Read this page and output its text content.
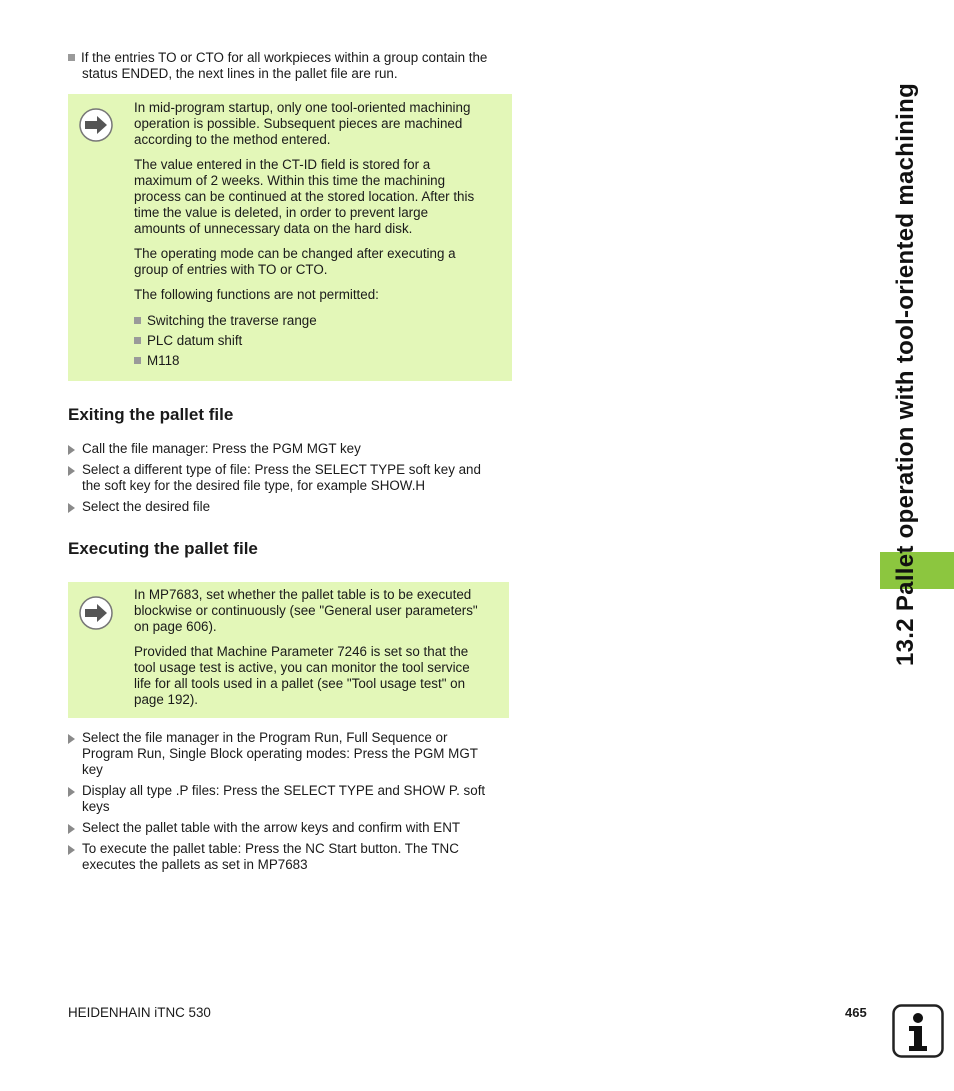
If the entries TO or CTO for all workpieces within a group contain the
status ENDED, the next lines in the pallet file are run.

In mid-program startup, only one tool-oriented machining
operation is possible. Subsequent pieces are machined
according to the method entered.

The value entered in the CT-ID field is stored for a
maximum of 2 weeks. Within this time the machining
process can be continued at the stored location. After this
time the value is deleted, in order to prevent large
amounts of unnecessary data on the hard disk.

The operating mode can be changed after executing a
group of entries with TO or CTO.

The following functions are not permitted:

Switching the traverse range
PLC datum shift
M118
Exiting the pallet file
Call the file manager: Press the PGM MGT key
Select a different type of file: Press the SELECT TYPE soft key and
the soft key for the desired file type, for example SHOW.H
Select the desired file
Executing the pallet file

In MP7683, set whether the pallet table is to be executed
blockwise or continuously (see "General user parameters"
on page 606).

Provided that Machine Parameter 7246 is set so that the
tool usage test is active, you can monitor the tool service
life for all tools used in a pallet (see "Tool usage test" on
page 192).

Select the file manager in the Program Run, Full Sequence or
Program Run, Single Block operating modes: Press the PGM MGT
key
Display all type .P files: Press the SELECT TYPE and SHOW P. soft
keys
Select the pallet table with the arrow keys and confirm with ENT
To execute the pallet table: Press the NC Start button. The TNC
executes the pallets as set in MP7683
13.2 Pallet operation with tool-oriented machining
HEIDENHAIN iTNC 530	465
